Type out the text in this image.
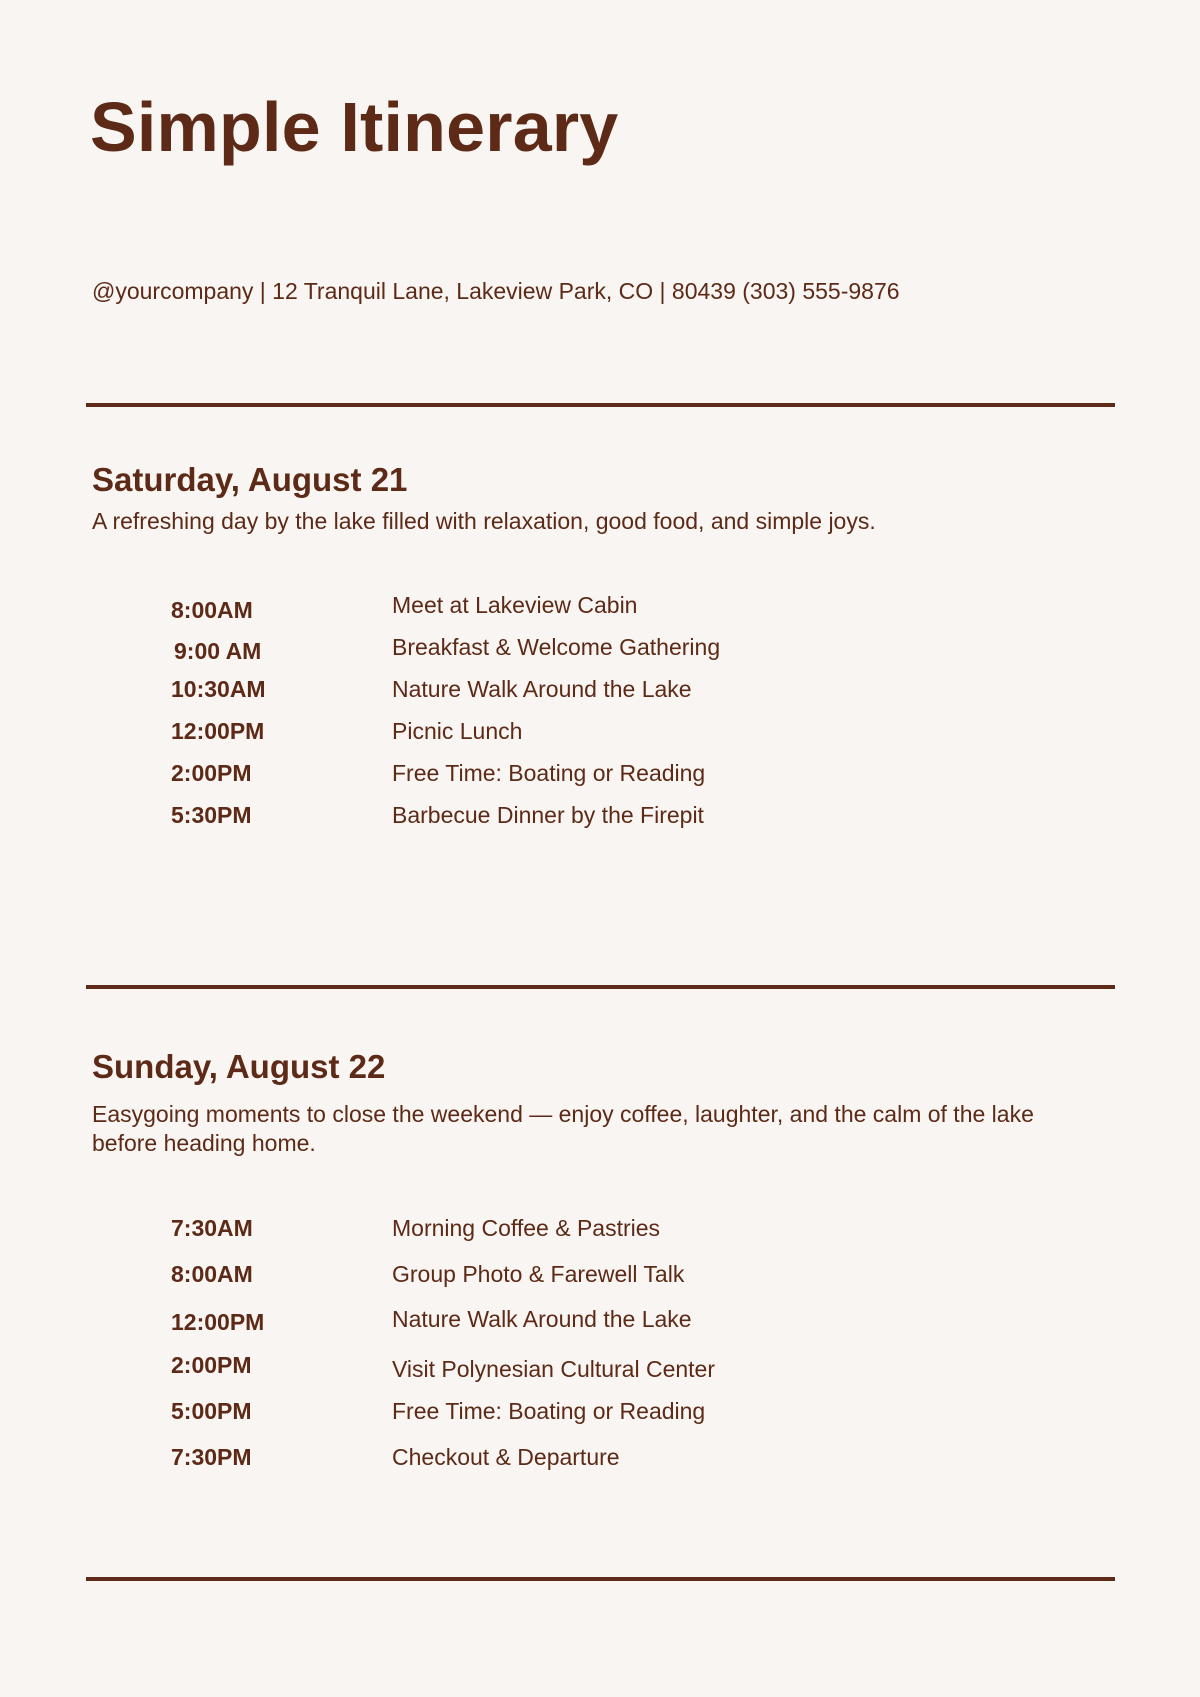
Simple Itinerary

@yourcompany | 12 Tranquil Lane, Lakeview Park, CO | 80439 (303) 555-9876

Saturday, August 21

A refreshing day by the lake filled with relaxation, good food, and simple joys.

8:00AM	Meet at Lakeview Cabin
9:00 AM	Breakfast & Welcome Gathering
10:30AM	Nature Walk Around the Lake
12:00PM	Picnic Lunch
2:00PM	Free Time: Boating or Reading
5:30PM	Barbecue Dinner by the Firepit
Sunday, August 22

Easygoing moments to close the weekend — enjoy coffee, laughter, and the calm of the lake before heading home.

7:30AM	Morning Coffee & Pastries
8:00AM	Group Photo & Farewell Talk
12:00PM	Nature Walk Around the Lake
2:00PM	Visit Polynesian Cultural Center
5:00PM	Free Time: Boating or Reading
7:30PM	Checkout & Departure
